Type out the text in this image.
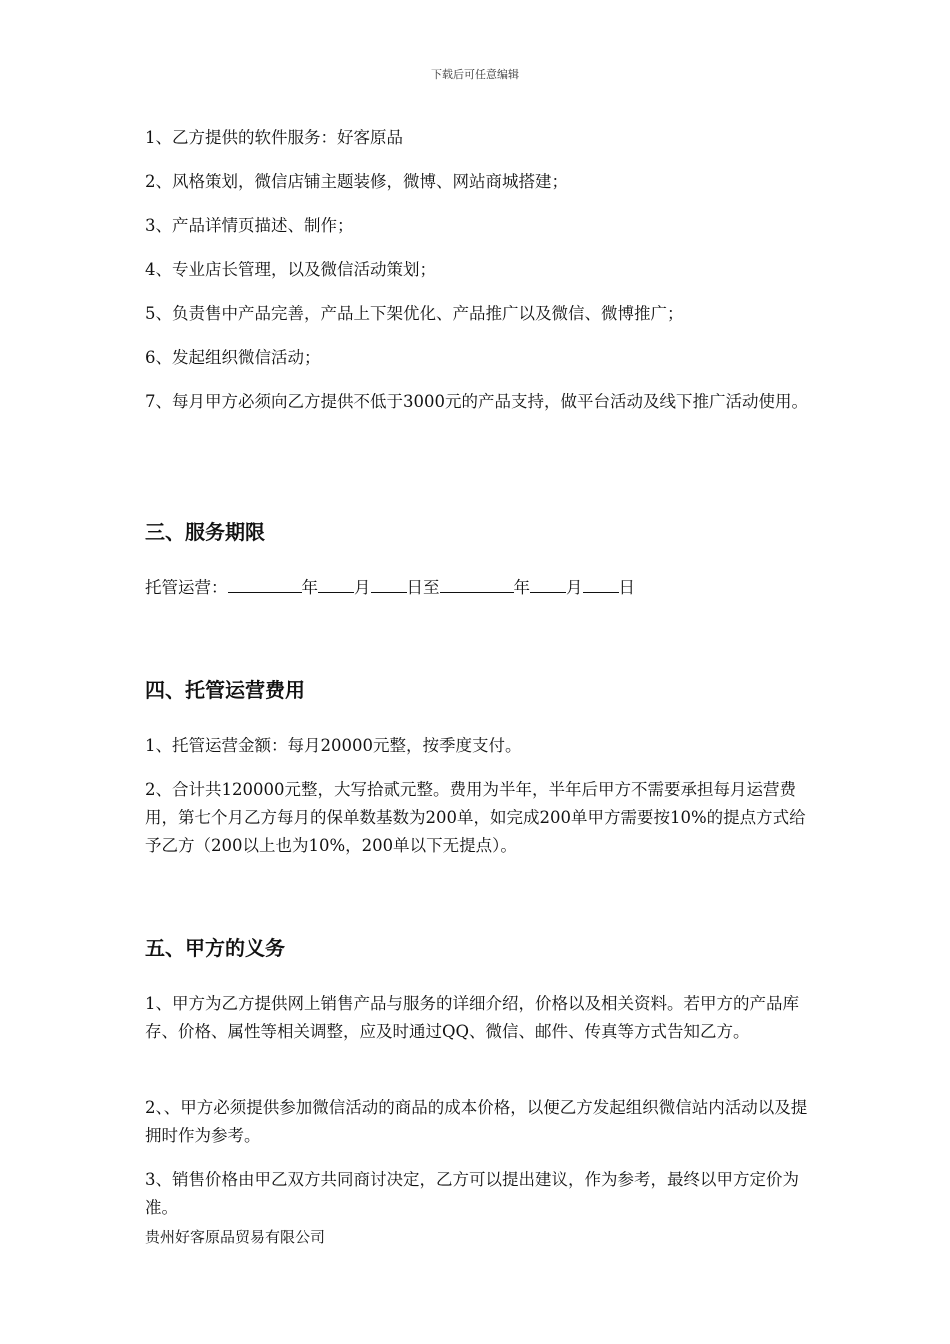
下载后可任意编辑

1、乙方提供的软件服务：好客原品

2、风格策划，微信店铺主题装修，微博、网站商城搭建；

3、产品详情页描述、制作；

4、专业店长管理，以及微信活动策划；

5、负责售中产品完善，产品上下架优化、产品推广以及微信、微博推广；

6、发起组织微信活动；

7、每月甲方必须向乙方提供不低于3000元的产品支持，做平台活动及线下推广活动使用。

三、服务期限

托管运营：	年 月 日至	年 月 日

四、托管运营费用

1、托管运营金额：每月20000元整，按季度支付。

2、合计共120000元整，大写拾贰元整。费用为半年，半年后甲方不需要承担每月运营费用，第七个月乙方每月的保单数基数为200单，如完成200单甲方需要按10%的提点方式给予乙方（200以上也为10%，200单以下无提点）。

五、甲方的义务

1、甲方为乙方提供网上销售产品与服务的详细介绍，价格以及相关资料。若甲方的产品库存、价格、属性等相关调整，应及时通过QQ、微信、邮件、传真等方式告知乙方。

2、、甲方必须提供参加微信活动的商品的成本价格，以便乙方发起组织微信站内活动以及提拥时作为参考。

3、销售价格由甲乙双方共同商讨决定，乙方可以提出建议，作为参考，最终以甲方定价为准。

贵州好客原品贸易有限公司
